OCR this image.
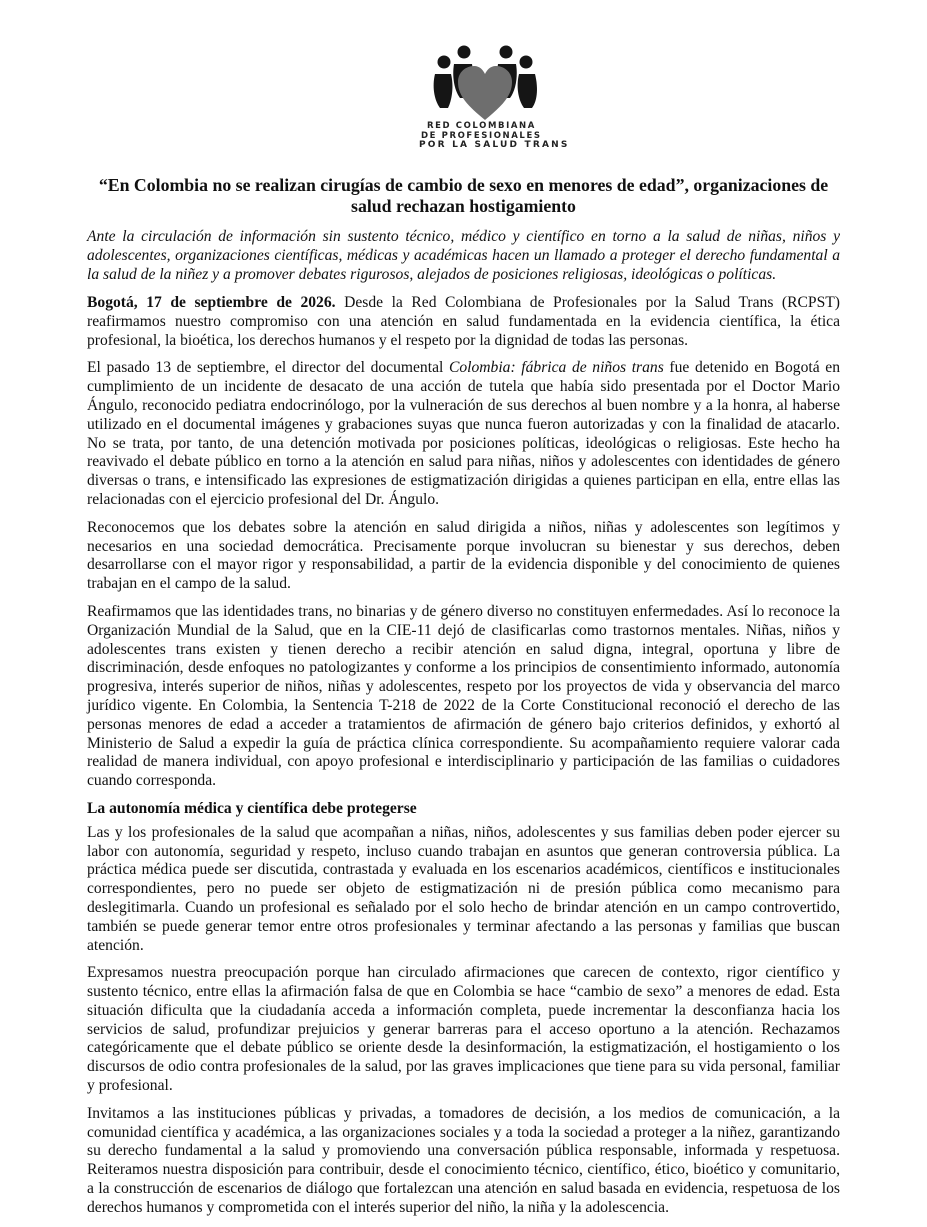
RED COLOMBIANA
DE PROFESIONALES
POR LA SALUD TRANS
“En Colombia no se realizan cirugías de cambio de sexo en menores de edad”, organizaciones de salud rechazan hostigamiento

Ante la circulación de información sin sustento técnico, médico y científico en torno a la salud de niñas, niños y adolescentes, organizaciones científicas, médicas y académicas hacen un llamado a proteger el derecho fundamental a la salud de la niñez y a promover debates rigurosos, alejados de posiciones religiosas, ideológicas o políticas.

Bogotá, 17 de septiembre de 2026. Desde la Red Colombiana de Profesionales por la Salud Trans (RCPST) reafirmamos nuestro compromiso con una atención en salud fundamentada en la evidencia científica, la ética profesional, la bioética, los derechos humanos y el respeto por la dignidad de todas las personas.

El pasado 13 de septiembre, el director del documental Colombia: fábrica de niños trans fue detenido en Bogotá en cumplimiento de un incidente de desacato de una acción de tutela que había sido presentada por el Doctor Mario Ángulo, reconocido pediatra endocrinólogo, por la vulneración de sus derechos al buen nombre y a la honra, al haberse utilizado en el documental imágenes y grabaciones suyas que nunca fueron autorizadas y con la finalidad de atacarlo. No se trata, por tanto, de una detención motivada por posiciones políticas, ideológicas o religiosas. Este hecho ha reavivado el debate público en torno a la atención en salud para niñas, niños y adolescentes con identidades de género diversas o trans, e intensificado las expresiones de estigmatización dirigidas a quienes participan en ella, entre ellas las relacionadas con el ejercicio profesional del Dr. Ángulo.

Reconocemos que los debates sobre la atención en salud dirigida a niños, niñas y adolescentes son legítimos y necesarios en una sociedad democrática. Precisamente porque involucran su bienestar y sus derechos, deben desarrollarse con el mayor rigor y responsabilidad, a partir de la evidencia disponible y del conocimiento de quienes trabajan en el campo de la salud.

Reafirmamos que las identidades trans, no binarias y de género diverso no constituyen enfermedades. Así lo reconoce la Organización Mundial de la Salud, que en la CIE-11 dejó de clasificarlas como trastornos mentales. Niñas, niños y adolescentes trans existen y tienen derecho a recibir atención en salud digna, integral, oportuna y libre de discriminación, desde enfoques no patologizantes y conforme a los principios de consentimiento informado, autonomía progresiva, interés superior de niños, niñas y adolescentes, respeto por los proyectos de vida y observancia del marco jurídico vigente. En Colombia, la Sentencia T-218 de 2022 de la Corte Constitucional reconoció el derecho de las personas menores de edad a acceder a tratamientos de afirmación de género bajo criterios definidos, y exhortó al Ministerio de Salud a expedir la guía de práctica clínica correspondiente. Su acompañamiento requiere valorar cada realidad de manera individual, con apoyo profesional e interdisciplinario y participación de las familias o cuidadores cuando corresponda.

La autonomía médica y científica debe protegerse

Las y los profesionales de la salud que acompañan a niñas, niños, adolescentes y sus familias deben poder ejercer su labor con autonomía, seguridad y respeto, incluso cuando trabajan en asuntos que generan controversia pública. La práctica médica puede ser discutida, contrastada y evaluada en los escenarios académicos, científicos e institucionales correspondientes, pero no puede ser objeto de estigmatización ni de presión pública como mecanismo para deslegitimarla. Cuando un profesional es señalado por el solo hecho de brindar atención en un campo controvertido, también se puede generar temor entre otros profesionales y terminar afectando a las personas y familias que buscan atención.

Expresamos nuestra preocupación porque han circulado afirmaciones que carecen de contexto, rigor científico y sustento técnico, entre ellas la afirmación falsa de que en Colombia se hace “cambio de sexo” a menores de edad. Esta situación dificulta que la ciudadanía acceda a información completa, puede incrementar la desconfianza hacia los servicios de salud, profundizar prejuicios y generar barreras para el acceso oportuno a la atención. Rechazamos categóricamente que el debate público se oriente desde la desinformación, la estigmatización, el hostigamiento o los discursos de odio contra profesionales de la salud, por las graves implicaciones que tiene para su vida personal, familiar y profesional.

Invitamos a las instituciones públicas y privadas, a tomadores de decisión, a los medios de comunicación, a la comunidad científica y académica, a las organizaciones sociales y a toda la sociedad a proteger a la niñez, garantizando su derecho fundamental a la salud y promoviendo una conversación pública responsable, informada y respetuosa. Reiteramos nuestra disposición para contribuir, desde el conocimiento técnico, científico, ético, bioético y comunitario, a la construcción de escenarios de diálogo que fortalezcan una atención en salud basada en evidencia, respetuosa de los derechos humanos y comprometida con el interés superior del niño, la niña y la adolescencia.
